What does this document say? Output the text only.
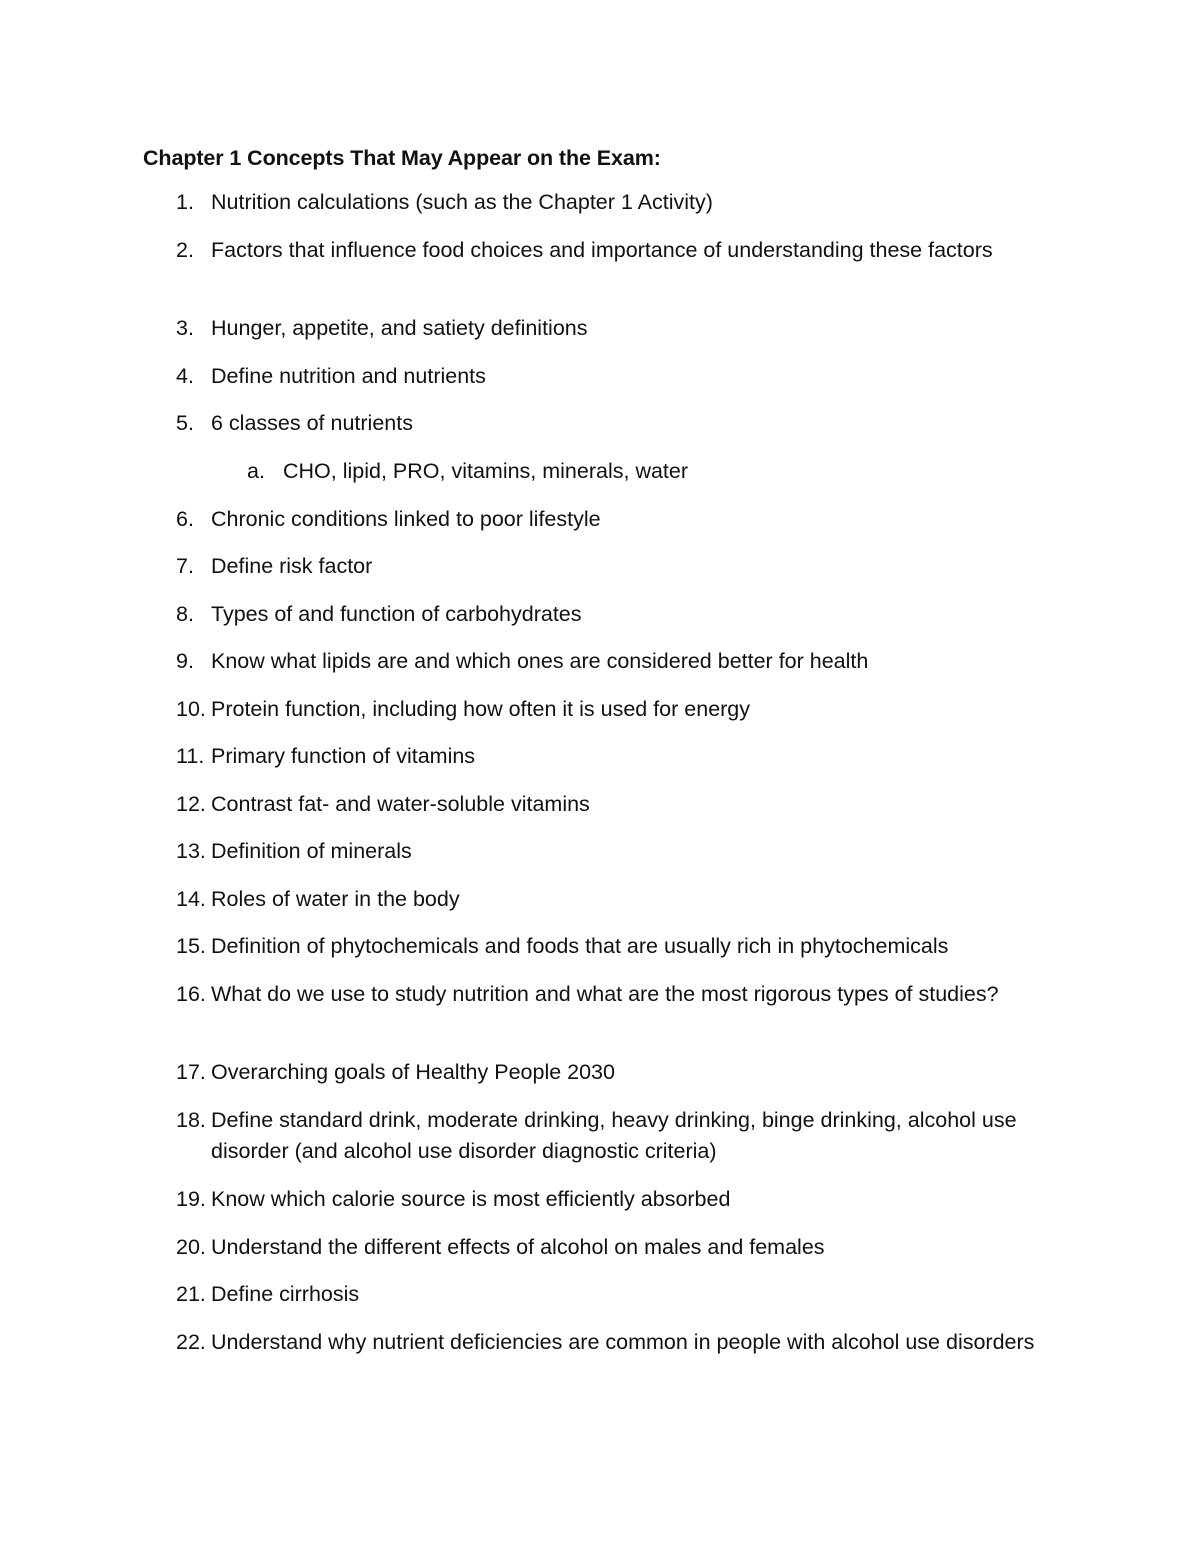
Chapter 1 Concepts That May Appear on the Exam:
1. Nutrition calculations (such as the Chapter 1 Activity)
2. Factors that influence food choices and importance of understanding these factors
3. Hunger, appetite, and satiety definitions
4. Define nutrition and nutrients
5. 6 classes of nutrients
a. CHO, lipid, PRO, vitamins, minerals, water
6. Chronic conditions linked to poor lifestyle
7. Define risk factor
8. Types of and function of carbohydrates
9. Know what lipids are and which ones are considered better for health
10. Protein function, including how often it is used for energy
11. Primary function of vitamins
12. Contrast fat- and water-soluble vitamins
13. Definition of minerals
14. Roles of water in the body
15. Definition of phytochemicals and foods that are usually rich in phytochemicals
16. What do we use to study nutrition and what are the most rigorous types of studies?
17. Overarching goals of Healthy People 2030
18. Define standard drink, moderate drinking, heavy drinking, binge drinking, alcohol use disorder (and alcohol use disorder diagnostic criteria)
19. Know which calorie source is most efficiently absorbed
20. Understand the different effects of alcohol on males and females
21. Define cirrhosis
22. Understand why nutrient deficiencies are common in people with alcohol use disorders
